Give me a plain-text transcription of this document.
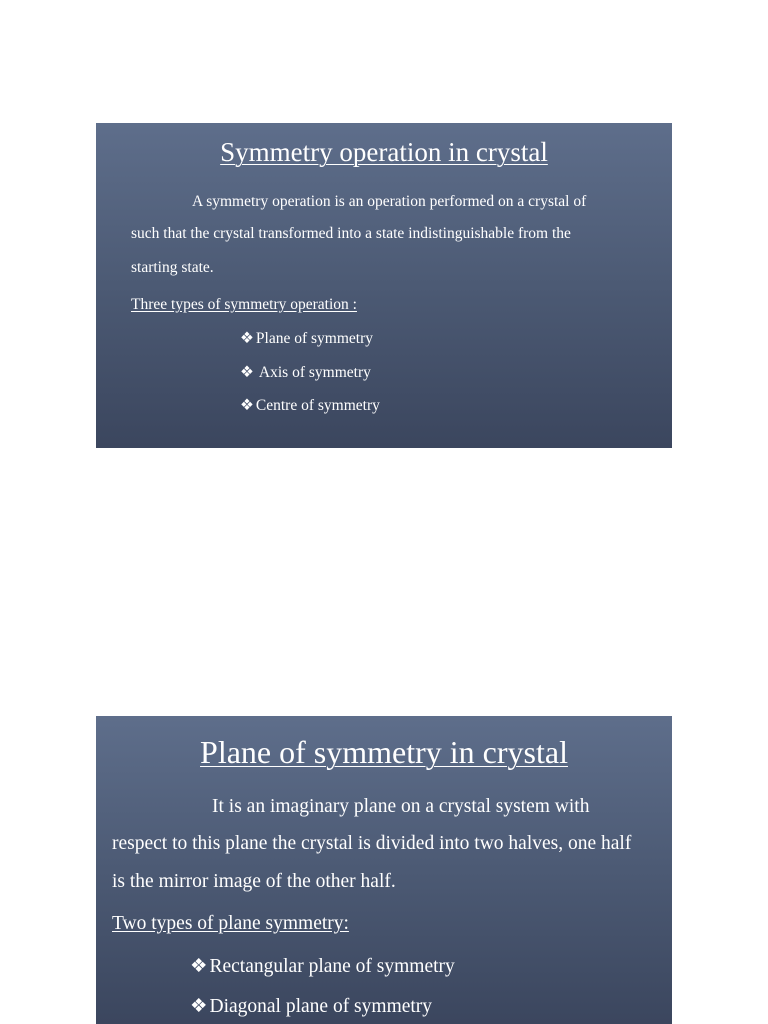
Symmetry operation in crystal
A symmetry operation is an operation performed on a crystal of
such that the crystal transformed into a state indistinguishable from the
starting state.
Three types of symmetry operation :
❖ Plane of symmetry
❖ Axis of symmetry
❖ Centre of symmetry
Plane of symmetry in crystal
It is an imaginary plane on a crystal system with
respect to this plane the crystal is divided into two halves, one half
is the mirror image of the other half.
Two types of plane symmetry:
❖ Rectangular plane of symmetry
❖ Diagonal plane of symmetry
